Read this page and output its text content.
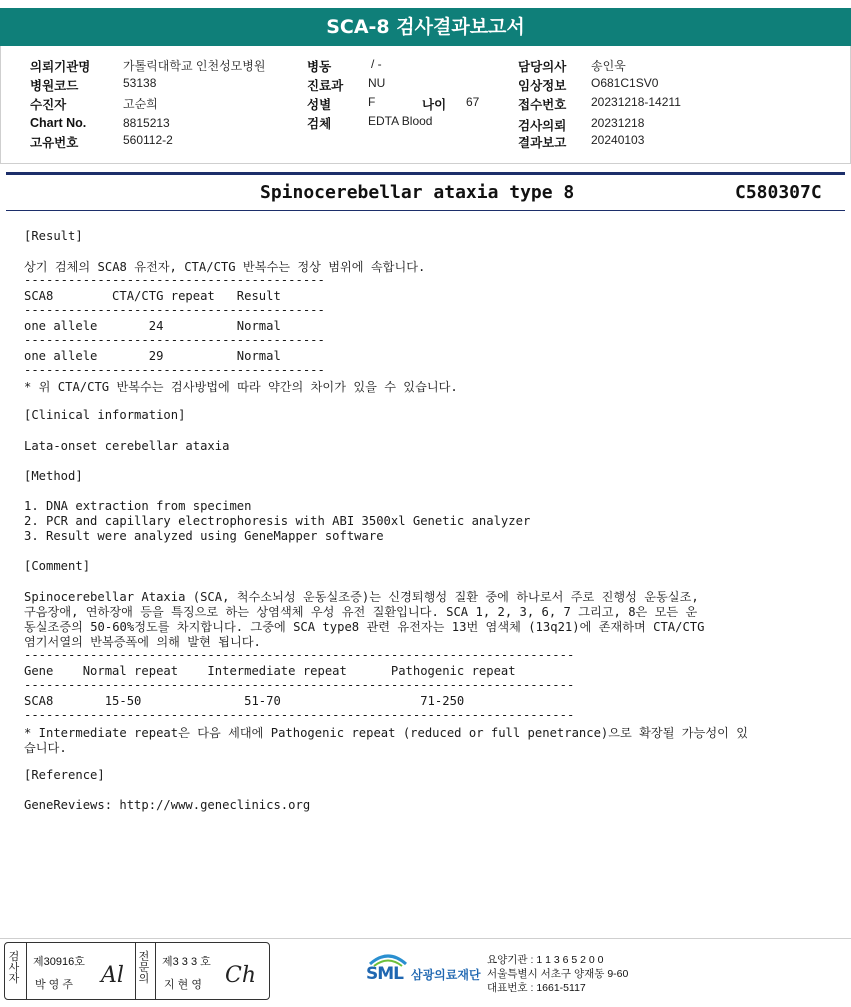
SCA-8 검사결과보고서
의뢰기관명	가톨릭대학교 인천성모병원
병원코드	53138
수진자	고순희
Chart No.	8815213
고유번호	560112-2
병동	/ -
진료과 NU
성별	F	나이 67
검체	EDTA Blood
담당의사 송인욱
임상정보 O681C1SV0
접수번호 20231218-14211
검사의뢰 20231218
결과보고 20240103
Spinocerebellar ataxia type 8	C580307C
[Result]
상기 검체의 SCA8 유전자, CTA/CTG 반복수는 정상 범위에 속합니다.
-----------------------------------------
SCA8        CTA/CTG repeat   Result
-----------------------------------------
one allele       24          Normal
-----------------------------------------
one allele       29          Normal
-----------------------------------------
* 위 CTA/CTG 반복수는 검사방법에 따라 약간의 차이가 있을 수 있습니다.
[Clinical information]
Lata-onset cerebellar ataxia
[Method]
1. DNA extraction from specimen
2. PCR and capillary electrophoresis with ABI 3500xl Genetic analyzer
3. Result were analyzed using GeneMapper software
[Comment]
Spinocerebellar Ataxia (SCA, 척수소뇌성 운동실조증)는 신경퇴행성 질환 중에 하나로서 주로 진행성 운동실조,
구음장애, 연하장애 등을 특징으로 하는 상염색체 우성 유전 질환입니다. SCA 1, 2, 3, 6, 7 그리고, 8은 모든 운
동실조증의 50-60%정도를 차지합니다. 그중에 SCA type8 관련 유전자는 13번 염색체 (13q21)에 존재하며 CTA/CTG
염기서열의 반복증폭에 의해 발현 됩니다.
---------------------------------------------------------------------------
Gene    Normal repeat    Intermediate repeat      Pathogenic repeat
---------------------------------------------------------------------------
SCA8       15-50              51-70                   71-250
---------------------------------------------------------------------------
* Intermediate repeat은 다음 세대에 Pathogenic repeat (reduced or full penetrance)으로 확장될 가능성이 있
습니다.
[Reference]
GeneReviews: http://www.geneclinics.org
검
사
자
제30916호
박 영 주 Al
전
문
의
제3 3 3 호
지 현 영 Ch	SML 삼광의료재단
요양기관 : 1 1 3 6 5 2 0 0
서울특별시 서초구 양재동 9-60
대표번호 : 1661-5117
